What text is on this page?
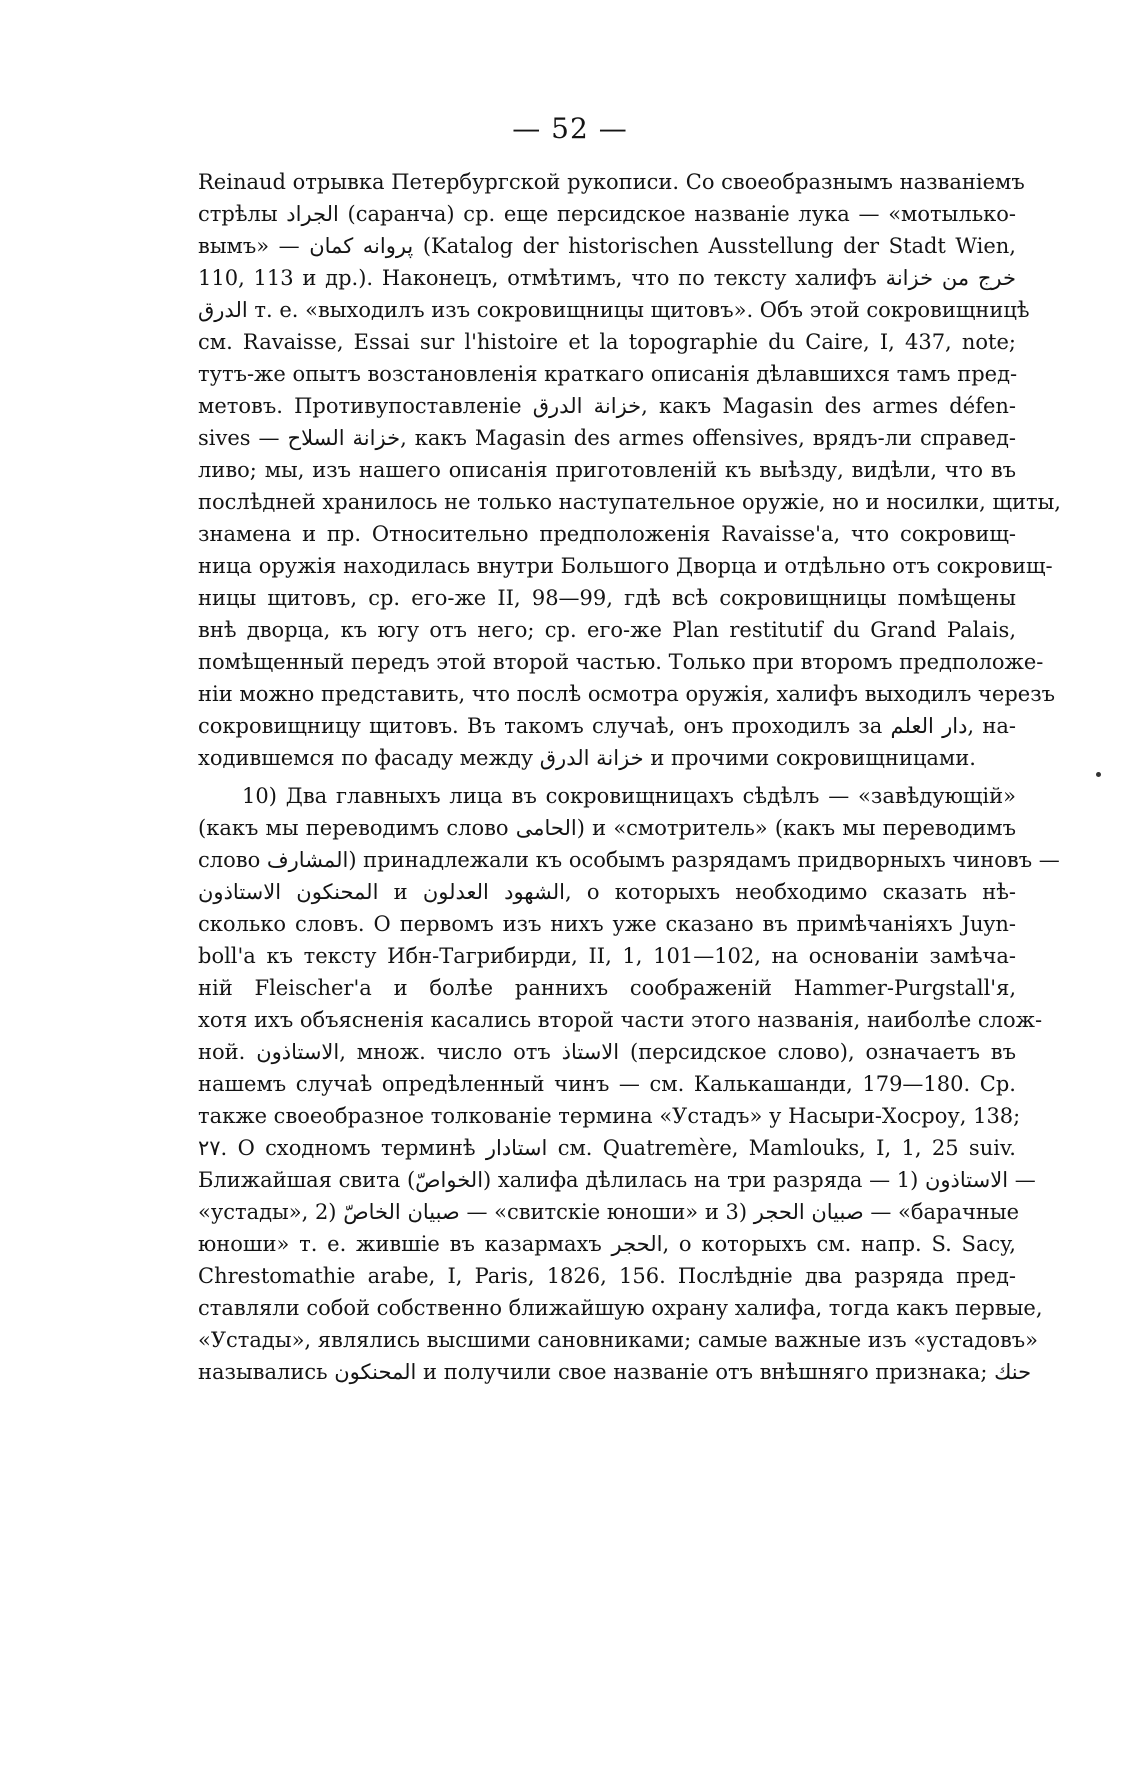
— 52 —
Reinaud отрывка Петербургской рукописи. Со своеобразнымъ названiемъ
стрѣлы الجراد (саранча) ср. еще персидское названiе лука — «мотылько-
вымъ» — پروانه کمان (Katalog der historischen Ausstellung der Stadt Wien,
110, 113 и др.). Наконецъ, отмѣтимъ, что по тексту халифъ خرج من خزانة
الدرق т. е. «выходилъ изъ сокровищницы щитовъ». Объ этой сокровищницѣ
см. Ravaisse, Essai sur l'histoire et la topographie du Caire, I, 437, note;
тутъ-же опытъ возстановленiя краткаго описанiя дѣлавшихся тамъ пред-
метовъ. Противупоставленiе خزانة الدرق, какъ Magasin des armes défen-
sives — خزانة السلاح, какъ Magasin des armes offensives, врядъ-ли справед-
ливо; мы, изъ нашего описанiя приготовленiй къ выѣзду, видѣли, что въ
послѣдней хранилось не только наступательное оружiе, но и носилки, щиты,
знамена и пр. Относительно предположенiя Ravaisse'а, что сокровищ-
ница оружiя находилась внутри Большого Дворца и отдѣльно отъ сокровищ-
ницы щитовъ, ср. его-же II, 98—99, гдѣ всѣ сокровищницы помѣщены
внѣ дворца, къ югу отъ него; ср. его-же Plan restitutif du Grand Palais,
помѣщенный передъ этой второй частью. Только при второмъ предположе-
нiи можно представить, что послѣ осмотра оружiя, халифъ выходилъ черезъ
сокровищницу щитовъ. Въ такомъ случаѣ, онъ проходилъ за دار العلم, на-
ходившемся по фасаду между خزانة الدرق и прочими сокровищницами.
10) Два главныхъ лица въ сокровищницахъ сѣдѣлъ — «завѣдующiй»
(какъ мы переводимъ слово الحامى) и «смотритель» (какъ мы переводимъ
слово المشارف) принадлежали къ особымъ разрядамъ придворныхъ чиновъ —
المحنكون الاستاذون и الشهود العدلون, о которыхъ необходимо сказать нѣ-
сколько словъ. О первомъ изъ нихъ уже сказано въ примѣчанiяхъ Juyn-
boll'а къ тексту Ибн-Тагрибирди, II, 1, 101—102, на основанiи замѣча-
нiй Fleischer'а и болѣе раннихъ соображенiй Hammer-Purgstall'я,
хотя ихъ объясненiя касались второй части этого названiя, наиболѣе слож-
ной. الاستاذون, множ. число отъ الاستاذ (персидское слово), означаетъ въ
нашемъ случаѣ опредѣленный чинъ — см. Калькашанди, 179—180. Ср.
также своеобразное толкованiе термина «Устадъ» у Насыри-Хосроу, 138;
۲۷. О сходномъ терминѣ استادار см. Quatremère, Mamlouks, I, 1, 25 suiv.
Ближайшая свита (الخواصّ) халифа дѣлилась на три разряда — 1) الاستاذون —
«устады», 2) صبيان الخاصّ — «свитскiе юноши» и 3) صبيان الحجر — «барачные
юноши» т. е. жившiе въ казармахъ الحجر, о которыхъ см. напр. S. Sacy,
Chrestomathie arabe, I, Paris, 1826, 156. Послѣднiе два разряда пред-
ставляли собой собственно ближайшую охрану халифа, тогда какъ первые,
«Устады», являлись высшими сановниками; самые важные изъ «устадовъ»
назывались المحنكون и получили свое названiе отъ внѣшняго признака; حنك
